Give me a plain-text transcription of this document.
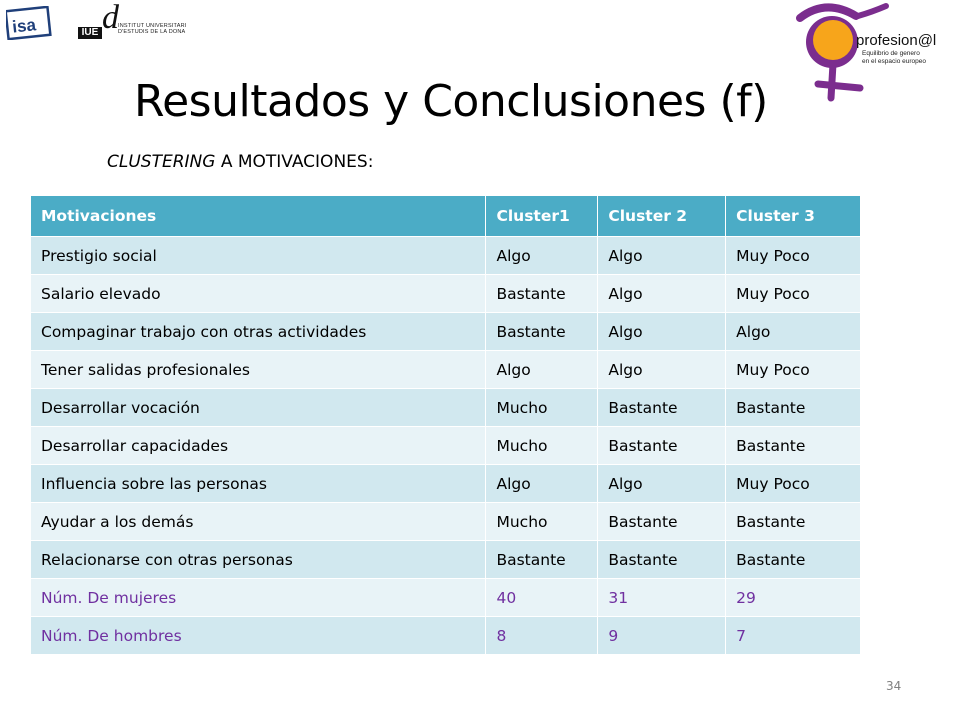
isa	IUE d INSTITUT UNIVERSITARI
D'ESTUDIS DE LA DONA	profesion@l
Equilibrio de genero
en el espacio europeo
Resultados y Conclusiones (f)
CLUSTERING A MOTIVACIONES:
Motivaciones	Cluster1	Cluster 2	Cluster 3
Prestigio social	Algo	Algo	Muy Poco
Salario elevado	Bastante	Algo	Muy Poco
Compaginar trabajo con otras actividades	Bastante	Algo	Algo
Tener salidas profesionales	Algo	Algo	Muy Poco
Desarrollar vocación	Mucho	Bastante	Bastante
Desarrollar capacidades	Mucho	Bastante	Bastante
Influencia sobre las personas	Algo	Algo	Muy Poco
Ayudar a los demás	Mucho	Bastante	Bastante
Relacionarse con otras personas	Bastante	Bastante	Bastante
Núm. De mujeres	40	31	29
Núm. De hombres	8	9	7
34
